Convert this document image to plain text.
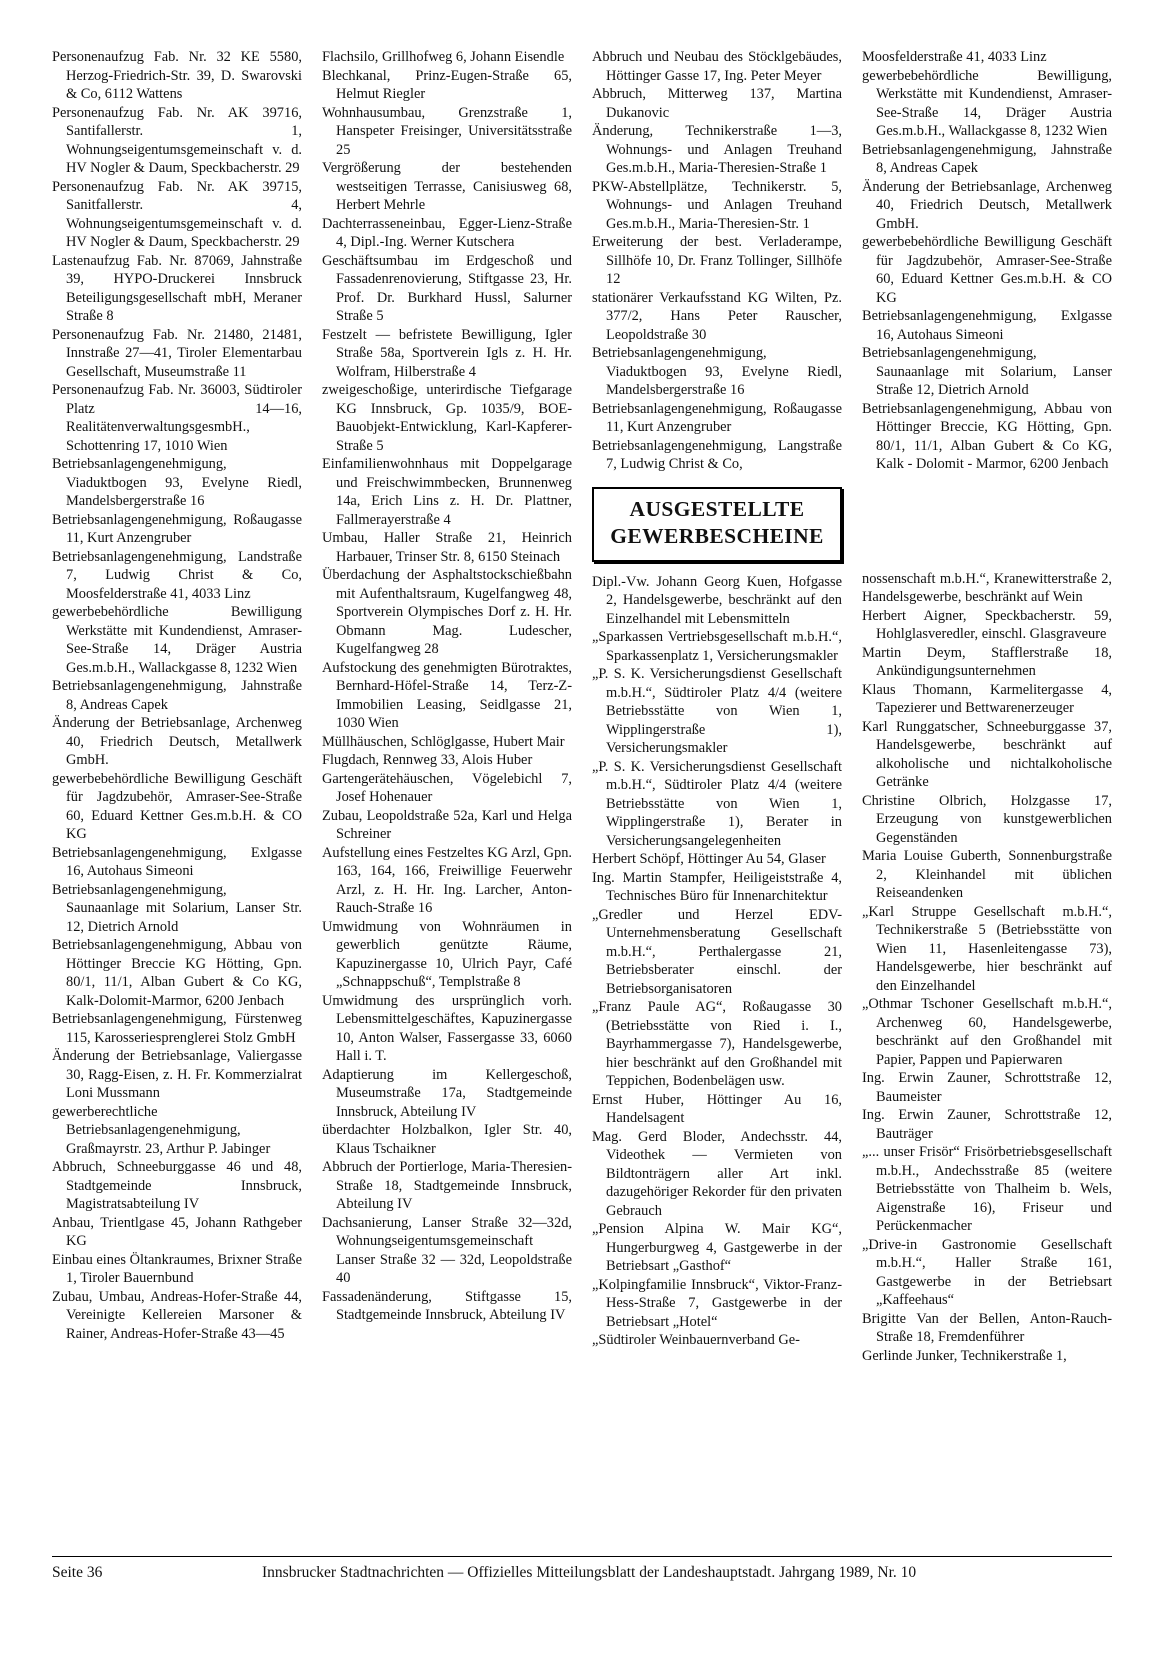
Personenaufzug Fab. Nr. 32 KE 5580, Herzog-Friedrich-Str. 39, D. Swarovski & Co, 6112 Wattens
Personenaufzug Fab. Nr. AK 39716, Santifallerstr. 1, Wohnungseigentumsgemeinschaft v. d. HV Nogler & Daum, Speckbacherstr. 29
Personenaufzug Fab. Nr. AK 39715, Sanitfallerstr. 4, Wohnungseigentumsgemeinschaft v. d. HV Nogler & Daum, Speckbacherstr. 29
Lastenaufzug Fab. Nr. 87069, Jahnstraße 39, HYPO-Druckerei Innsbruck Beteiligungsgesellschaft mbH, Meraner Straße 8
Personenaufzug Fab. Nr. 21480, 21481, Innstraße 27—41, Tiroler Elementarbau Gesellschaft, Museumstraße 11
Personenaufzug Fab. Nr. 36003, Südtiroler Platz 14—16, RealitätenverwaltungsgesmbH., Schottenring 17, 1010 Wien
Betriebsanlagengenehmigung, Viaduktbogen 93, Evelyne Riedl, Mandelsbergerstraße 16
Betriebsanlagengenehmigung, Roßaugasse 11, Kurt Anzengruber
Betriebsanlagengenehmigung, Landstraße 7, Ludwig Christ & Co, Moosfelderstraße 41, 4033 Linz
gewerbebehördliche Bewilligung Werkstätte mit Kundendienst, Amraser-See-Straße 14, Dräger Austria Ges.m.b.H., Wallackgasse 8, 1232 Wien
Betriebsanlagengenehmigung, Jahnstraße 8, Andreas Capek
Änderung der Betriebsanlage, Archenweg 40, Friedrich Deutsch, Metallwerk GmbH.
gewerbebehördliche Bewilligung Geschäft für Jagdzubehör, Amraser-See-Straße 60, Eduard Kettner Ges.m.b.H. & CO KG
Betriebsanlagengenehmigung, Exlgasse 16, Autohaus Simeoni
Betriebsanlagengenehmigung, Saunaanlage mit Solarium, Lanser Str. 12, Dietrich Arnold
Betriebsanlagengenehmigung, Abbau von Höttinger Breccie KG Hötting, Gpn. 80/1, 11/1, Alban Gubert & Co KG, Kalk-Dolomit-Marmor, 6200 Jenbach
Betriebsanlagengenehmigung, Fürstenweg 115, Karosseriesprenglerei Stolz GmbH
Änderung der Betriebsanlage, Valiergasse 30, Ragg-Eisen, z. H. Fr. Kommerzialrat Loni Mussmann
gewerberechtliche Betriebsanlagengenehmigung, Graßmayrstr. 23, Arthur P. Jabinger
Abbruch, Schneeburggasse 46 und 48, Stadtgemeinde Innsbruck, Magistratsabteilung IV
Anbau, Trientlgase 45, Johann Rathgeber KG
Einbau eines Öltankraumes, Brixner Straße 1, Tiroler Bauernbund
Zubau, Umbau, Andreas-Hofer-Straße 44, Vereinigte Kellereien Marsoner & Rainer, Andreas-Hofer-Straße 43—45
Flachsilo, Grillhofweg 6, Johann Eisendle
Blechkanal, Prinz-Eugen-Straße 65, Helmut Riegler
Wohnhausumbau, Grenzstraße 1, Hanspeter Freisinger, Universitätsstraße 25
Vergrößerung der bestehenden westseitigen Terrasse, Canisiusweg 68, Herbert Mehrle
Dachterrasseneinbau, Egger-Lienz-Straße 4, Dipl.-Ing. Werner Kutschera
Geschäftsumbau im Erdgeschoß und Fassadenrenovierung, Stiftgasse 23, Hr. Prof. Dr. Burkhard Hussl, Salurner Straße 5
Festzelt — befristete Bewilligung, Igler Straße 58a, Sportverein Igls z. H. Hr. Wolfram, Hilberstraße 4
zweigeschoßige, unterirdische Tiefgarage KG Innsbruck, Gp. 1035/9, BOE-Bauobjekt-Entwicklung, Karl-Kapferer-Straße 5
Einfamilienwohnhaus mit Doppelgarage und Freischwimmbecken, Brunnenweg 14a, Erich Lins z. H. Dr. Plattner, Fallmerayerstraße 4
Umbau, Haller Straße 21, Heinrich Harbauer, Trinser Str. 8, 6150 Steinach
Überdachung der Asphaltstockschießbahn mit Aufenthaltsraum, Kugelfangweg 48, Sportverein Olympisches Dorf z. H. Hr. Obmann Mag. Ludescher, Kugelfangweg 28
Aufstockung des genehmigten Bürotraktes, Bernhard-Höfel-Straße 14, Terz-Z-Immobilien Leasing, Seidlgasse 21, 1030 Wien
Müllhäuschen, Schlöglgasse, Hubert Mair
Flugdach, Rennweg 33, Alois Huber
Gartengerätehäuschen, Vögelebichl 7, Josef Hohenauer
Zubau, Leopoldstraße 52a, Karl und Helga Schreiner
Aufstellung eines Festzeltes KG Arzl, Gpn. 163, 164, 166, Freiwillige Feuerwehr Arzl, z. H. Hr. Ing. Larcher, Anton-Rauch-Straße 16
Umwidmung von Wohnräumen in gewerblich genützte Räume, Kapuzinergasse 10, Ulrich Payr, Café „Schnappschuß“, Templstraße 8
Umwidmung des ursprünglich vorh. Lebensmittelgeschäftes, Kapuzinergasse 10, Anton Walser, Fassergasse 33, 6060 Hall i. T.
Adaptierung im Kellergeschoß, Museumstraße 17a, Stadtgemeinde Innsbruck, Abteilung IV
überdachter Holzbalkon, Igler Str. 40, Klaus Tschaikner
Abbruch der Portierloge, Maria-Theresien-Straße 18, Stadtgemeinde Innsbruck, Abteilung IV
Dachsanierung, Lanser Straße 32—32d, Wohnungseigentumsgemeinschaft Lanser Straße 32 — 32d, Leopoldstraße 40
Fassadenänderung, Stiftgasse 15, Stadtgemeinde Innsbruck, Abteilung IV
Abbruch und Neubau des Stöcklgebäudes, Höttinger Gasse 17, Ing. Peter Meyer
Abbruch, Mitterweg 137, Martina Dukanovic
Änderung, Technikerstraße 1—3, Wohnungs- und Anlagen Treuhand Ges.m.b.H., Maria-Theresien-Straße 1
PKW-Abstellplätze, Technikerstr. 5, Wohnungs- und Anlagen Treuhand Ges.m.b.H., Maria-Theresien-Str. 1
Erweiterung der best. Verladerampe, Sillhöfe 10, Dr. Franz Tollinger, Sillhöfe 12
stationärer Verkaufsstand KG Wilten, Pz. 377/2, Hans Peter Rauscher, Leopoldstraße 30
Betriebsanlagengenehmigung, Viaduktbogen 93, Evelyne Riedl, Mandelsbergerstraße 16
Betriebsanlagengenehmigung, Roßaugasse 11, Kurt Anzengruber
Betriebsanlagengenehmigung, Langstraße 7, Ludwig Christ & Co,
AUSGESTELLTE GEWERBESCHEINE
Dipl.-Vw. Johann Georg Kuen, Hofgasse 2, Handelsgewerbe, beschränkt auf den Einzelhandel mit Lebensmitteln
„Sparkassen Vertriebsgesellschaft m.b.H.“, Sparkassenplatz 1, Versicherungsmakler
„P. S. K. Versicherungsdienst Gesellschaft m.b.H.“, Südtiroler Platz 4/4 (weitere Betriebsstätte von Wien 1, Wipplingerstraße 1), Versicherungsmakler
„P. S. K. Versicherungsdienst Gesellschaft m.b.H.“, Südtiroler Platz 4/4 (weitere Betriebsstätte von Wien 1, Wipplingerstraße 1), Berater in Versicherungsangelegenheiten
Herbert Schöpf, Höttinger Au 54, Glaser
Ing. Martin Stampfer, Heiligeiststraße 4, Technisches Büro für Innenarchitektur
„Gredler und Herzel EDV-Unternehmensberatung Gesellschaft m.b.H.“, Perthalergasse 21, Betriebsberater einschl. der Betriebsorganisatoren
„Franz Paule AG“, Roßaugasse 30 (Betriebsstätte von Ried i. I., Bayrhammergasse 7), Handelsgewerbe, hier beschränkt auf den Großhandel mit Teppichen, Bodenbelägen usw.
Ernst Huber, Höttinger Au 16, Handelsagent
Mag. Gerd Bloder, Andechsstr. 44, Videothek — Vermieten von Bildtonträgern aller Art inkl. dazugehöriger Rekorder für den privaten Gebrauch
„Pension Alpina W. Mair KG“, Hungerburgweg 4, Gastgewerbe in der Betriebsart „Gasthof“
„Kolpingfamilie Innsbruck“, Viktor-Franz-Hess-Straße 7, Gastgewerbe in der Betriebsart „Hotel“
„Südtiroler Weinbauernverband Ge-
Moosfelderstraße 41, 4033 Linz
gewerbebehördliche Bewilligung, Werkstätte mit Kundendienst, Amraser-See-Straße 14, Dräger Austria Ges.m.b.H., Wallackgasse 8, 1232 Wien
Betriebsanlagengenehmigung, Jahnstraße 8, Andreas Capek
Änderung der Betriebsanlage, Archenweg 40, Friedrich Deutsch, Metallwerk GmbH.
gewerbebehördliche Bewilligung Geschäft für Jagdzubehör, Amraser-See-Straße 60, Eduard Kettner Ges.m.b.H. & CO KG
Betriebsanlagengenehmigung, Exlgasse 16, Autohaus Simeoni
Betriebsanlagengenehmigung, Saunaanlage mit Solarium, Lanser Straße 12, Dietrich Arnold
Betriebsanlagengenehmigung, Abbau von Höttinger Breccie, KG Hötting, Gpn. 80/1, 11/1, Alban Gubert & Co KG, Kalk - Dolomit - Marmor, 6200 Jenbach
nossenschaft m.b.H.“, Kranewitterstraße 2, Handelsgewerbe, beschränkt auf Wein
Herbert Aigner, Speckbacherstr. 59, Hohlglasveredler, einschl. Glasgraveure
Martin Deym, Stafflerstraße 18, Ankündigungsunternehmen
Klaus Thomann, Karmelitergasse 4, Tapezierer und Bettwarenerzeuger
Karl Runggatscher, Schneeburggasse 37, Handelsgewerbe, beschränkt auf alkoholische und nichtalkoholische Getränke
Christine Olbrich, Holzgasse 17, Erzeugung von kunstgewerblichen Gegenständen
Maria Louise Guberth, Sonnenburgstraße 2, Kleinhandel mit üblichen Reiseandenken
„Karl Struppe Gesellschaft m.b.H.“, Technikerstraße 5 (Betriebsstätte von Wien 11, Hasenleitengasse 73), Handelsgewerbe, hier beschränkt auf den Einzelhandel
„Othmar Tschoner Gesellschaft m.b.H.“, Archenweg 60, Handelsgewerbe, beschränkt auf den Großhandel mit Papier, Pappen und Papierwaren
Ing. Erwin Zauner, Schrottstraße 12, Baumeister
Ing. Erwin Zauner, Schrottstraße 12, Bauträger
„... unser Frisör“ Frisörbetriebsgesellschaft m.b.H., Andechsstraße 85 (weitere Betriebsstätte von Thalheim b. Wels, Aigenstraße 16), Friseur und Perückenmacher
„Drive-in Gastronomie Gesellschaft m.b.H.“, Haller Straße 161, Gastgewerbe in der Betriebsart „Kaffeehaus“
Brigitte Van der Bellen, Anton-Rauch-Straße 18, Fremdenführer
Gerlinde Junker, Technikerstraße 1,
Seite 36	Innsbrucker Stadtnachrichten — Offizielles Mitteilungsblatt der Landeshauptstadt. Jahrgang 1989, Nr. 10
